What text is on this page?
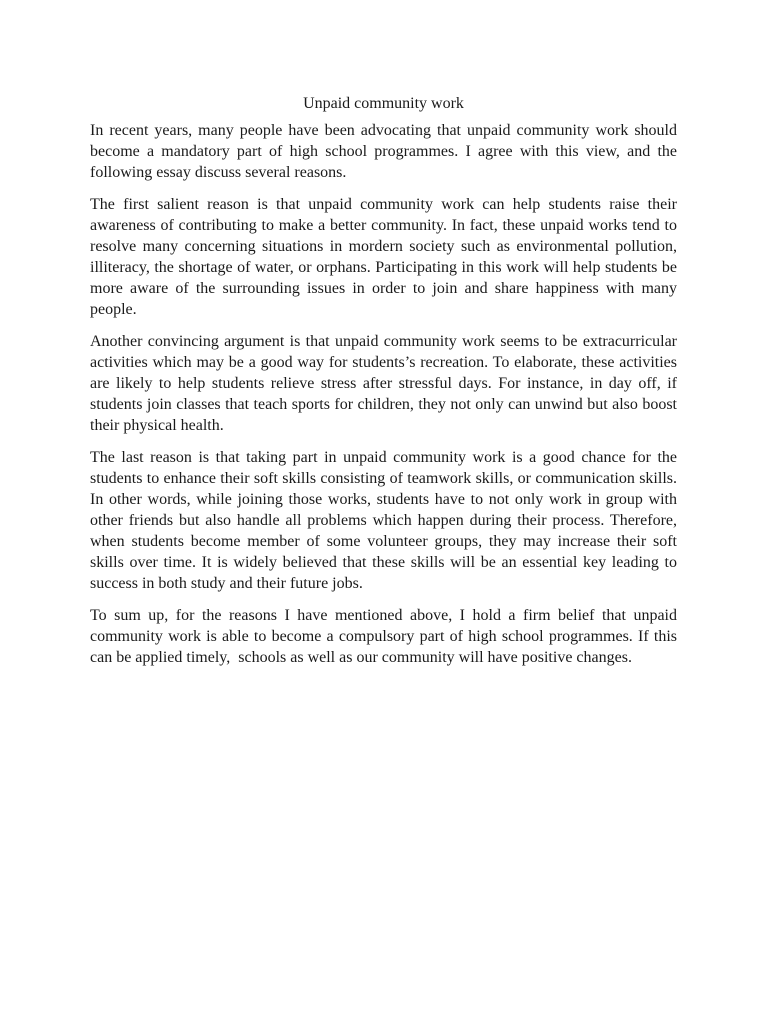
Unpaid community work

In recent years, many people have been advocating that unpaid community work should become a mandatory part of high school programmes. I agree with this view, and the following essay discuss several reasons.

The first salient reason is that unpaid community work can help students raise their awareness of contributing to make a better community. In fact, these unpaid works tend to resolve many concerning situations in mordern society such as environmental pollution, illiteracy, the shortage of water, or orphans. Participating in this work will help students be more aware of the surrounding issues in order to join and share happiness with many people.

Another convincing argument is that unpaid community work seems to be extracurricular activities which may be a good way for students’s recreation. To elaborate, these activities are likely to help students relieve stress after stressful days. For instance, in day off, if students join classes that teach sports for children, they not only can unwind but also boost their physical health.

The last reason is that taking part in unpaid community work is a good chance for the students to enhance their soft skills consisting of teamwork skills, or communication skills. In other words, while joining those works, students have to not only work in group with other friends but also handle all problems which happen during their process. Therefore, when students become member of some volunteer groups, they may increase their soft skills over time. It is widely believed that these skills will be an essential key leading to success in both study and their future jobs.

To sum up, for the reasons I have mentioned above, I hold a firm belief that unpaid community work is able to become a compulsory part of high school programmes. If this can be applied timely,  schools as well as our community will have positive changes.
